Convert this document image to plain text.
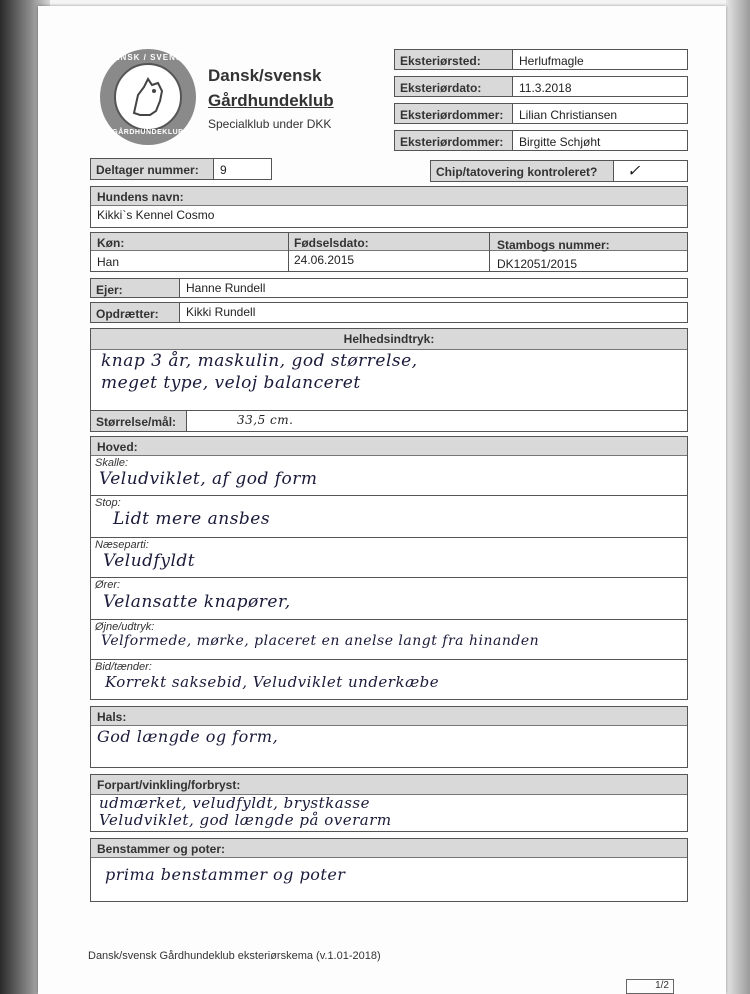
DANSK / SVENSK
GÅRDHUNDEKLUB
Dansk/svensk
Gårdhundeklub
Specialklub under DKK
Eksteriørsted:	Herlufmagle
Eksteriørdato:	11.3.2018
Eksteriørdommer:	Lilian Christiansen
Eksteriørdommer:	Birgitte Schjøht
Deltager nummer:	9	Chip/tatovering kontroleret?	✓
Hundens navn:
Kikki`s Kennel Cosmo
Køn:	Fødselsdato:	Stambogs nummer:
Han	24.06.2015	DK12051/2015
Ejer:	Hanne Rundell
Opdrætter:	Kikki Rundell
Helhedsindtryk:
knap 3 år, maskulin, god størrelse,
meget type, veloj balanceret
Størrelse/mål:	33,5 cm.
Hoved:
Skalle:
Veludviklet, af god form
Stop:
Lidt mere ansbes
Næseparti:
Veludfyldt
Ører:
Velansatte knapører,
Øjne/udtryk:
Velformede, mørke, placeret en anelse langt fra hinanden
Bid/tænder:
Korrekt saksebid, Veludviklet underkæbe
Hals:
God længde og form,
Forpart/vinkling/forbryst:
udmærket, veludfyldt, brystkasse
Veludviklet, god længde på overarm
Benstammer og poter:
prima benstammer og poter
Dansk/svensk Gårdhundeklub eksteriørskema (v.1.01-2018)
1/2
